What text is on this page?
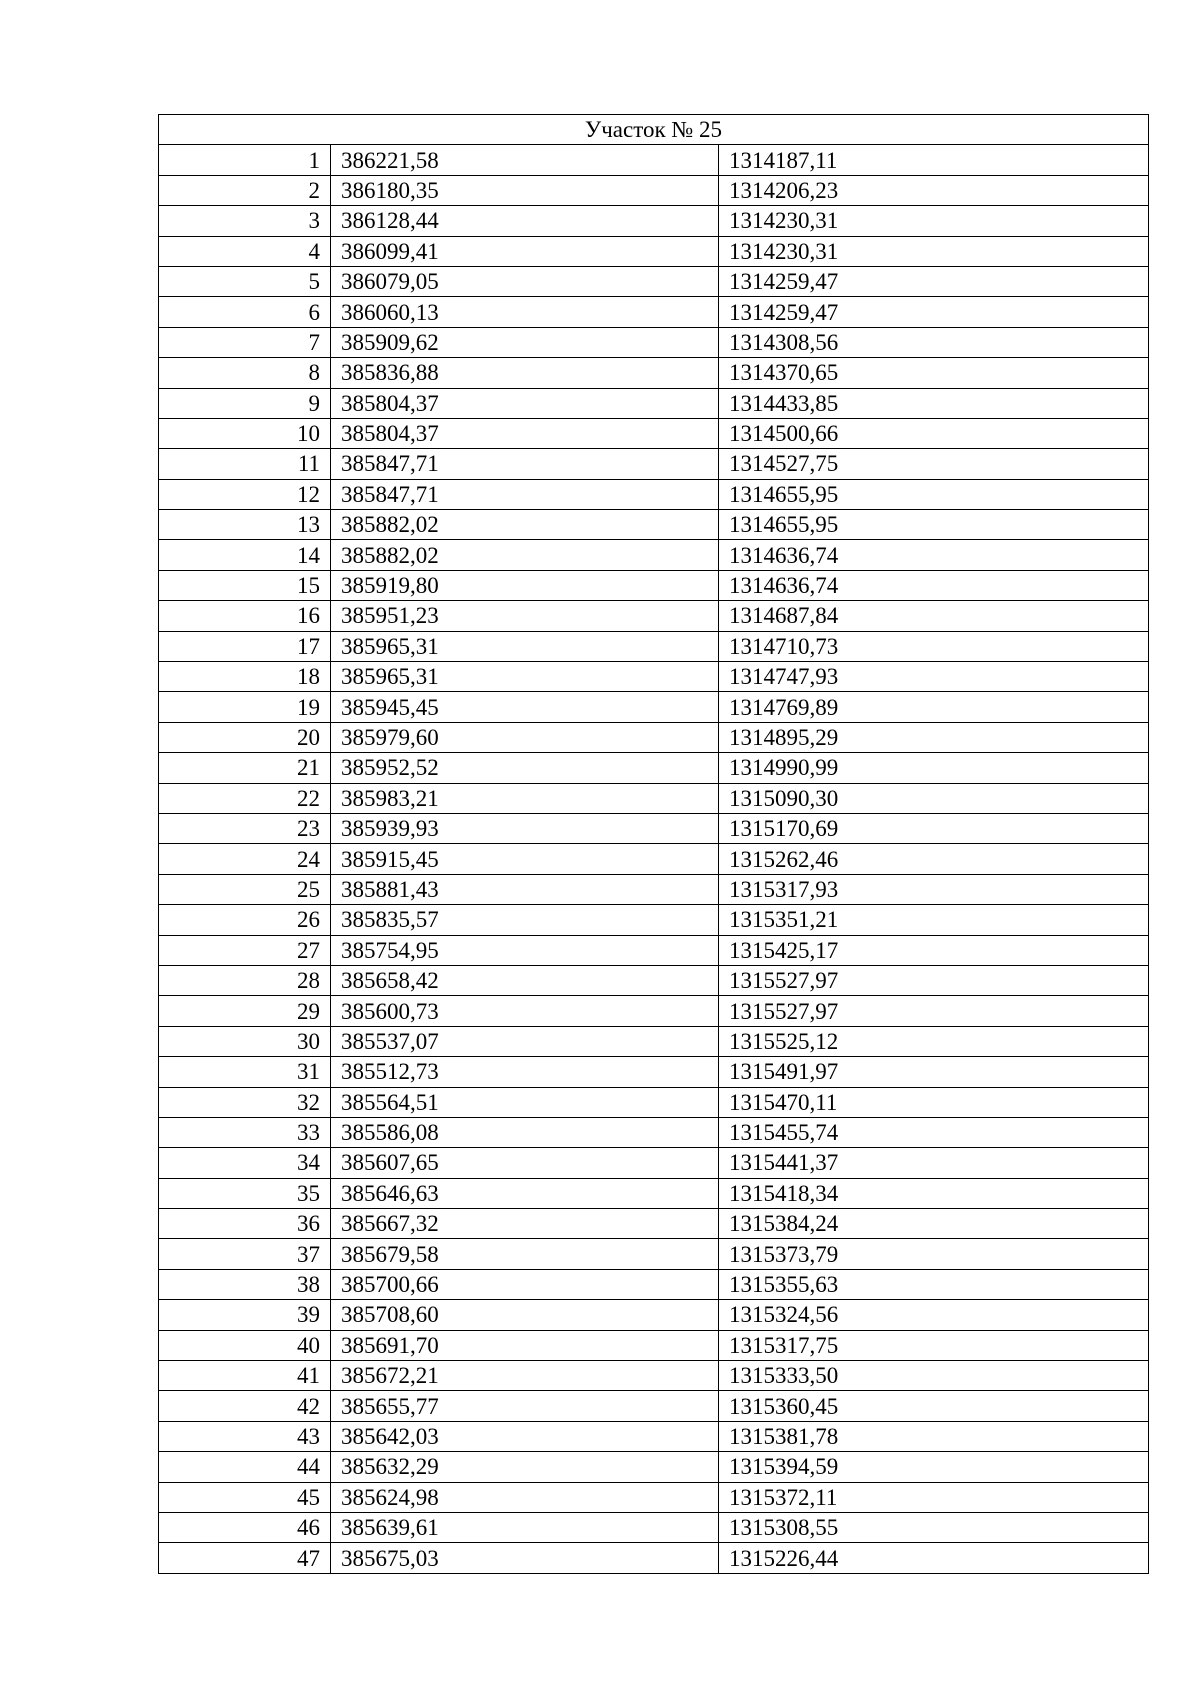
Участок № 25		
1	386221,58	1314187,11
2	386180,35	1314206,23
3	386128,44	1314230,31
4	386099,41	1314230,31
5	386079,05	1314259,47
6	386060,13	1314259,47
7	385909,62	1314308,56
8	385836,88	1314370,65
9	385804,37	1314433,85
10	385804,37	1314500,66
11	385847,71	1314527,75
12	385847,71	1314655,95
13	385882,02	1314655,95
14	385882,02	1314636,74
15	385919,80	1314636,74
16	385951,23	1314687,84
17	385965,31	1314710,73
18	385965,31	1314747,93
19	385945,45	1314769,89
20	385979,60	1314895,29
21	385952,52	1314990,99
22	385983,21	1315090,30
23	385939,93	1315170,69
24	385915,45	1315262,46
25	385881,43	1315317,93
26	385835,57	1315351,21
27	385754,95	1315425,17
28	385658,42	1315527,97
29	385600,73	1315527,97
30	385537,07	1315525,12
31	385512,73	1315491,97
32	385564,51	1315470,11
33	385586,08	1315455,74
34	385607,65	1315441,37
35	385646,63	1315418,34
36	385667,32	1315384,24
37	385679,58	1315373,79
38	385700,66	1315355,63
39	385708,60	1315324,56
40	385691,70	1315317,75
41	385672,21	1315333,50
42	385655,77	1315360,45
43	385642,03	1315381,78
44	385632,29	1315394,59
45	385624,98	1315372,11
46	385639,61	1315308,55
47	385675,03	1315226,44
